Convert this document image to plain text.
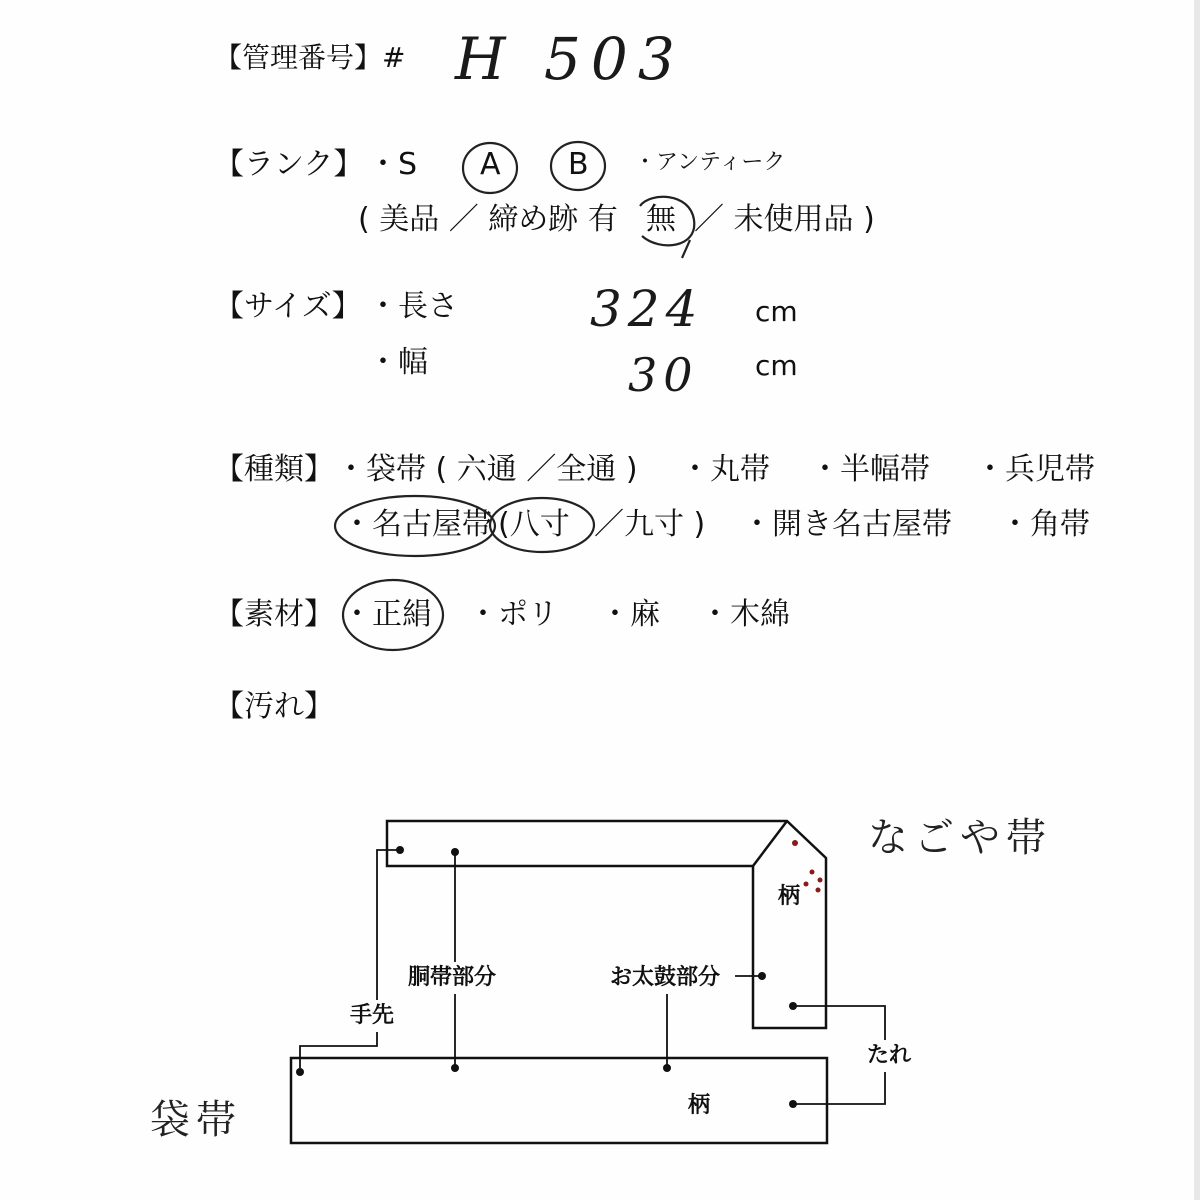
【管理番号】# H 503
【ランク】 ・S A B ・アンティーク
( 美品 ／ 締め跡 有 無 ／ 未使用品 )
【サイズ】 ・長さ	324 cm
・幅	30 cm
【種類】 ・袋帯 ( 六通 ／全通 ) ・丸帯 ・半幅帯 ・兵児帯
・名古屋帯 (八寸 ／九寸 ) ・開き名古屋帯 ・角帯
【素材】 ・正絹 ・ポリ ・麻 ・木綿
【汚れ】
なごや帯
袋帯
柄
柄
胴帯部分	お太鼓部分
手先
たれ
